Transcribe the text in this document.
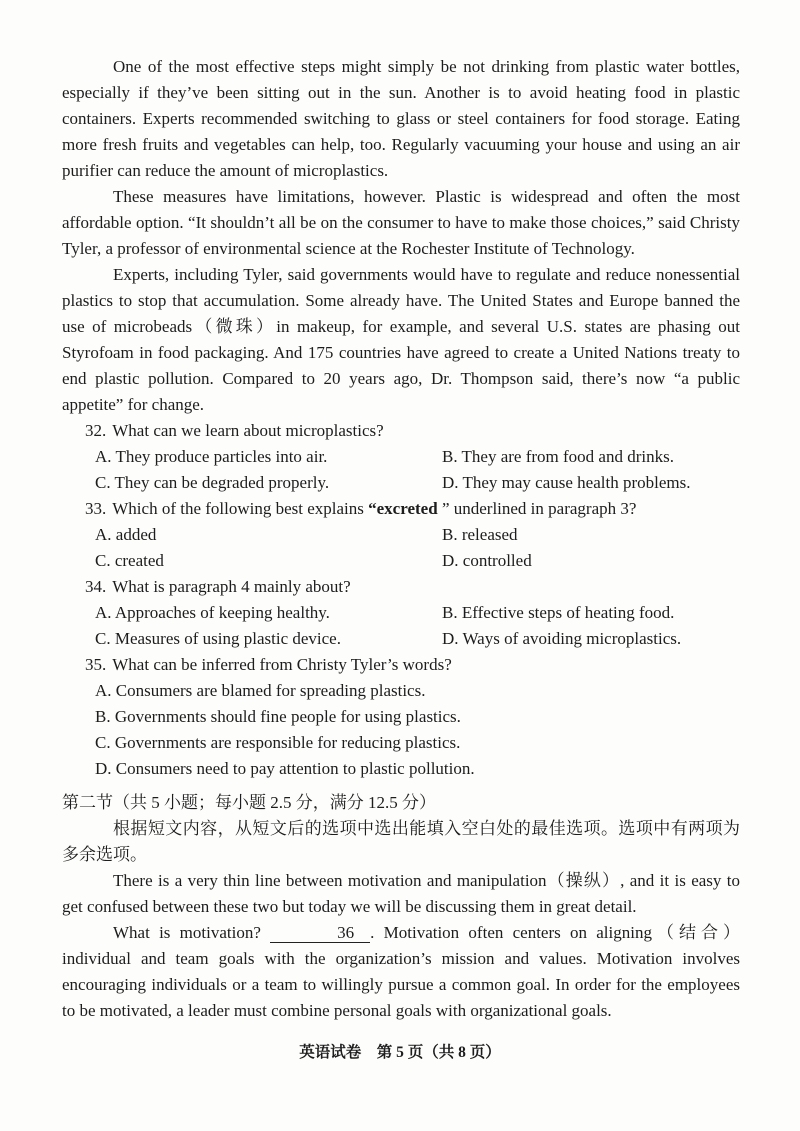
One of the most effective steps might simply be not drinking from plastic water bottles, especially if they’ve been sitting out in the sun. Another is to avoid heating food in plastic containers. Experts recommended switching to glass or steel containers for food storage. Eating more fresh fruits and vegetables can help, too. Regularly vacuuming your house and using an air purifier can reduce the amount of microplastics.

These measures have limitations, however. Plastic is widespread and often the most affordable option. “It shouldn’t all be on the consumer to have to make those choices,” said Christy Tyler, a professor of environmental science at the Rochester Institute of Technology.

Experts, including Tyler, said governments would have to regulate and reduce nonessential plastics to stop that accumulation. Some already have. The United States and Europe banned the use of microbeads（微珠）in makeup, for example, and several U.S. states are phasing out Styrofoam in food packaging. And 175 countries have agreed to create a United Nations treaty to end plastic pollution. Compared to 20 years ago, Dr. Thompson said, there’s now “a public appetite” for change.

32. What can we learn about microplastics?
A. They produce particles into air.	B. They are from food and drinks.
C. They can be degraded properly.	D. They may cause health problems.
33. Which of the following best explains “excreted ” underlined in paragraph 3?
A. added	B. released
C. created	D. controlled
34. What is paragraph 4 mainly about?
A. Approaches of keeping healthy.	B. Effective steps of heating food.
C. Measures of using plastic device.	D. Ways of avoiding microplastics.
35. What can be inferred from Christy Tyler’s words?
A. Consumers are blamed for spreading plastics.
B. Governments should fine people for using plastics.
C. Governments are responsible for reducing plastics.
D. Consumers need to pay attention to plastic pollution.
第二节（共 5 小题；每小题 2.5 分，满分 12.5 分）

根据短文内容，从短文后的选项中选出能填入空白处的最佳选项。选项中有两项为多余选项。

There is a very thin line between motivation and manipulation（操纵）, and it is easy to get confused between these two but today we will be discussing them in great detail.

What is motivation?	36 . Motivation often centers on aligning（结合）individual and team goals with the organization’s mission and values. Motivation involves encouraging individuals or a team to willingly pursue a common goal. In order for the employees to be motivated, a leader must combine personal goals with organizational goals.

英语试卷　第 5 页（共 8 页）
